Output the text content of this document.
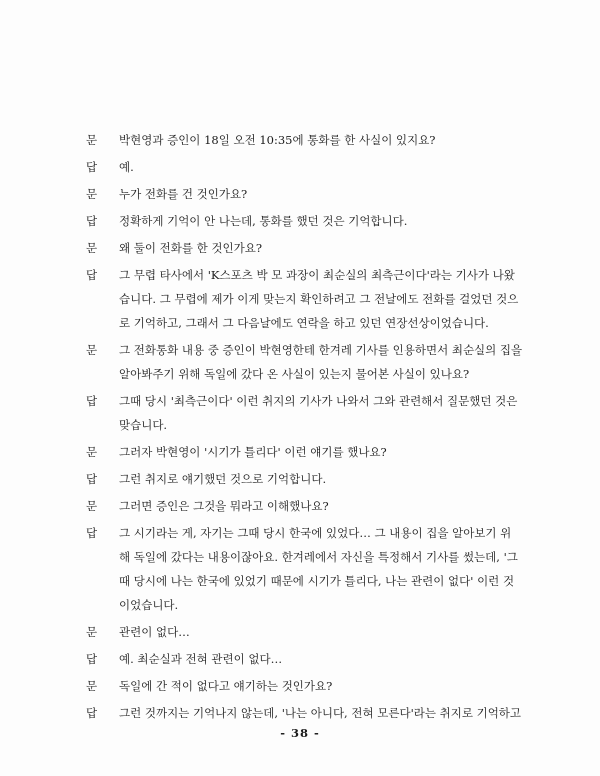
문	박현영과 증인이 18일 오전 10:35에 통화를 한 사실이 있지요?
답	예.
문	누가 전화를 건 것인가요?
답	정확하게 기억이 안 나는데, 통화를 했던 것은 기억합니다.
문	왜 둘이 전화를 한 것인가요?
답	그 무렵 타사에서 'K스포츠 박 모 과장이 최순실의 최측근이다'라는 기사가 나왔
습니다. 그 무렵에 제가 이게 맞는지 확인하려고 그 전날에도 전화를 걸었던 것으
로 기억하고, 그래서 그 다음날에도 연락을 하고 있던 연장선상이었습니다.
문	그 전화통화 내용 중 증인이 박현영한테 한겨레 기사를 인용하면서 최순실의 집을
알아봐주기 위해 독일에 갔다 온 사실이 있는지 물어본 사실이 있나요?
답	그때 당시 '최측근이다' 이런 취지의 기사가 나와서 그와 관련해서 질문했던 것은
맞습니다.
문	그러자 박현영이 '시기가 틀리다' 이런 얘기를 했나요?
답	그런 취지로 얘기했던 것으로 기억합니다.
문	그러면 증인은 그것을 뭐라고 이해했나요?
답	그 시기라는 게, 자기는 그때 당시 한국에 있었다… 그 내용이 집을 알아보기 위
해 독일에 갔다는 내용이잖아요. 한겨레에서 자신을 특정해서 기사를 썼는데, '그
때 당시에 나는 한국에 있었기 때문에 시기가 틀리다, 나는 관련이 없다' 이런 것
이었습니다.
문	관련이 없다…
답	예. 최순실과 전혀 관련이 없다…
문	독일에 간 적이 없다고 얘기하는 것인가요?
답	그런 것까지는 기억나지 않는데, '나는 아니다, 전혀 모른다'라는 취지로 기억하고
- 38 -
